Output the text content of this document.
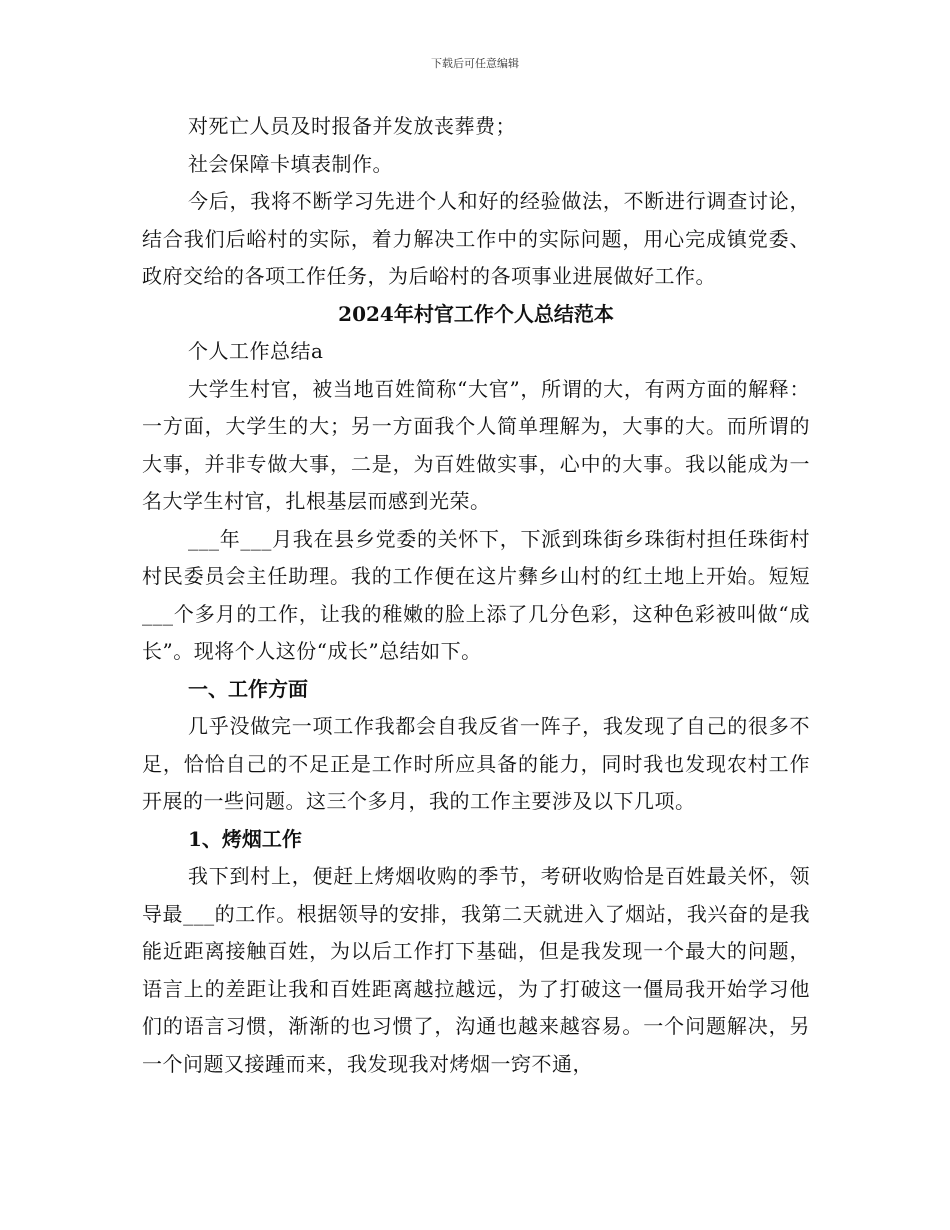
下载后可任意编辑

对死亡人员及时报备并发放丧葬费；

社会保障卡填表制作。

今后，我将不断学习先进个人和好的经验做法，不断进行调查讨论，结合我们后峪村的实际，着力解决工作中的实际问题，用心完成镇党委、政府交给的各项工作任务，为后峪村的各项事业进展做好工作。

2024年村官工作个人总结范本

个人工作总结a

大学生村官，被当地百姓简称“大官”，所谓的大，有两方面的解释：一方面，大学生的大；另一方面我个人简单理解为，大事的大。而所谓的大事，并非专做大事，二是，为百姓做实事，心中的大事。我以能成为一名大学生村官，扎根基层而感到光荣。

___年___月我在县乡党委的关怀下，下派到珠街乡珠街村担任珠街村村民委员会主任助理。我的工作便在这片彝乡山村的红土地上开始。短短___个多月的工作，让我的稚嫩的脸上添了几分色彩，这种色彩被叫做“成长”。现将个人这份“成长”总结如下。

一、工作方面

几乎没做完一项工作我都会自我反省一阵子，我发现了自己的很多不足，恰恰自己的不足正是工作时所应具备的能力，同时我也发现农村工作开展的一些问题。这三个多月，我的工作主要涉及以下几项。

1、烤烟工作

我下到村上，便赶上烤烟收购的季节，考研收购恰是百姓最关怀，领导最___的工作。根据领导的安排，我第二天就进入了烟站，我兴奋的是我能近距离接触百姓，为以后工作打下基础，但是我发现一个最大的问题，语言上的差距让我和百姓距离越拉越远，为了打破这一僵局我开始学习他们的语言习惯，渐渐的也习惯了，沟通也越来越容易。一个问题解决，另一个问题又接踵而来，我发现我对烤烟一窍不通，
